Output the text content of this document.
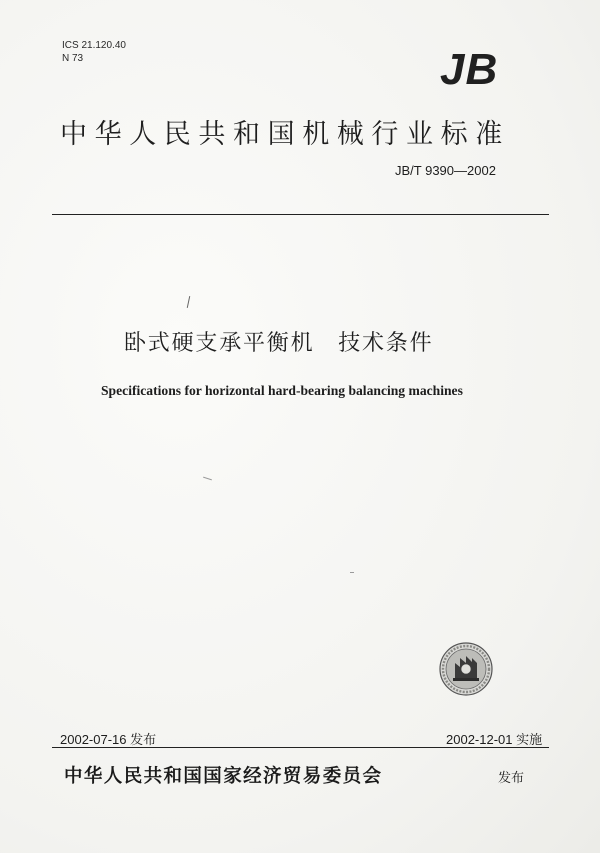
ICS 21.120.40
N 73	JB
中华人民共和国机械行业标准
JB/T 9390—2002
卧式硬支承平衡机　技术条件
Specifications for horizontal hard-bearing balancing machines
2002-07-16 发布	2002-12-01 实施
中华人民共和国国家经济贸易委员会	发布
